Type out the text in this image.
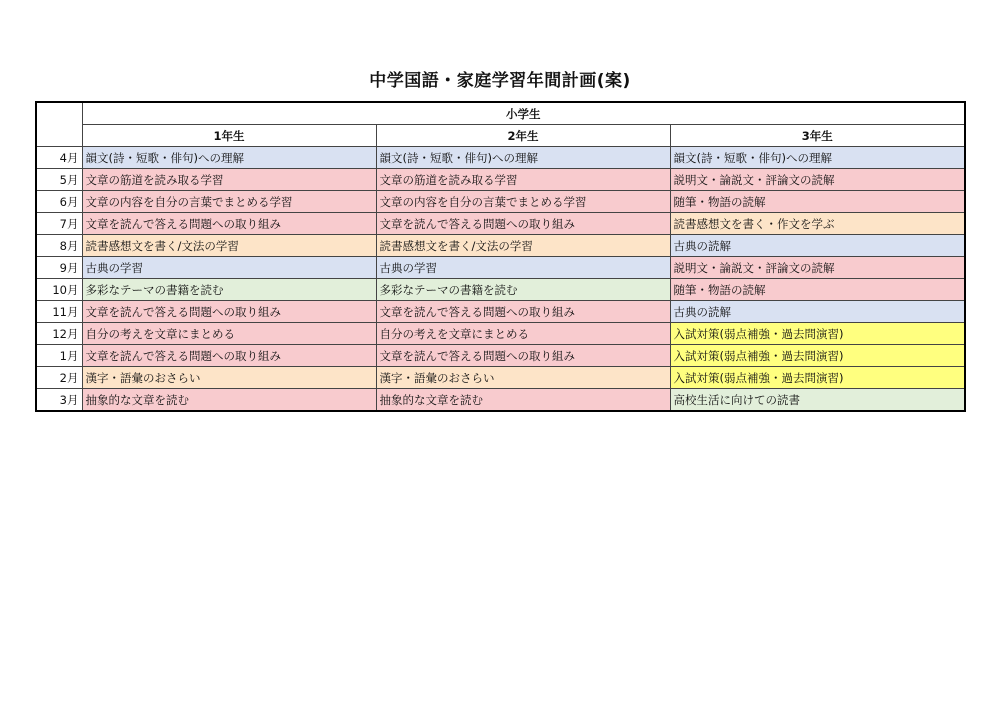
中学国語・家庭学習年間計画(案)
	小学生		
	1年生	2年生	3年生
4月	韻文(詩・短歌・俳句)への理解	韻文(詩・短歌・俳句)への理解	韻文(詩・短歌・俳句)への理解
5月	文章の筋道を読み取る学習	文章の筋道を読み取る学習	説明文・論説文・評論文の読解
6月	文章の内容を自分の言葉でまとめる学習	文章の内容を自分の言葉でまとめる学習	随筆・物語の読解
7月	文章を読んで答える問題への取り組み	文章を読んで答える問題への取り組み	読書感想文を書く・作文を学ぶ
8月	読書感想文を書く/文法の学習	読書感想文を書く/文法の学習	古典の読解
9月	古典の学習	古典の学習	説明文・論説文・評論文の読解
10月	多彩なテーマの書籍を読む	多彩なテーマの書籍を読む	随筆・物語の読解
11月	文章を読んで答える問題への取り組み	文章を読んで答える問題への取り組み	古典の読解
12月	自分の考えを文章にまとめる	自分の考えを文章にまとめる	入試対策(弱点補強・過去問演習)
1月	文章を読んで答える問題への取り組み	文章を読んで答える問題への取り組み	入試対策(弱点補強・過去問演習)
2月	漢字・語彙のおさらい	漢字・語彙のおさらい	入試対策(弱点補強・過去問演習)
3月	抽象的な文章を読む	抽象的な文章を読む	高校生活に向けての読書
